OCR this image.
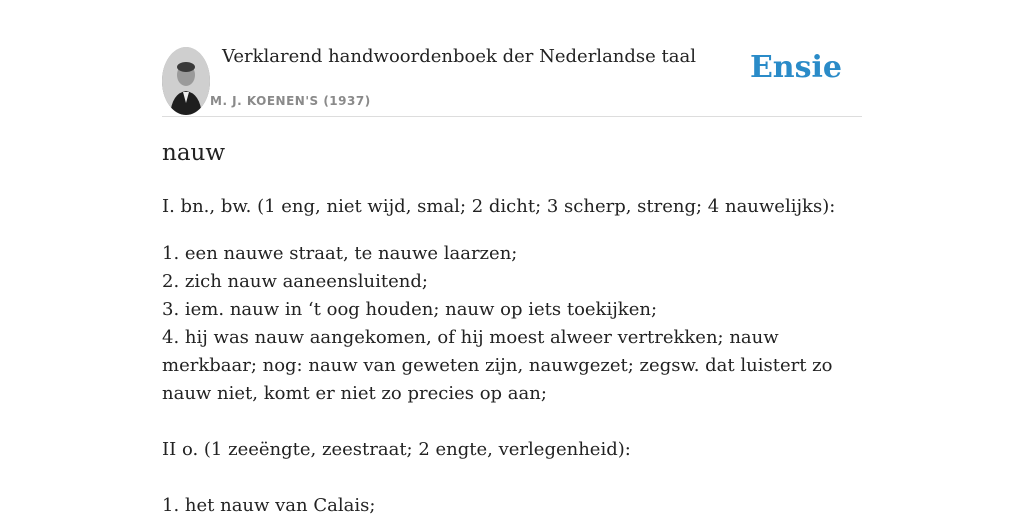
Verklarend handwoordenboek der Nederlandse taal
M. J. KOENEN'S (1937)
Ensie
nauw

I. bn., bw. (1 eng, niet wijd, smal; 2 dicht; 3 scherp, streng; 4 nauwelijks):

1. een nauwe straat, te nauwe laarzen;

2. zich nauw aaneensluitend;

3. iem. nauw in ‘t oog houden; nauw op iets toekijken;

4. hij was nauw aangekomen, of hij moest alweer vertrekken; nauw merkbaar; nog: nauw van geweten zijn, nauwgezet; zegsw. dat luistert zo nauw niet, komt er niet zo precies op aan;

II o. (1 zeeëngte, zeestraat; 2 engte, verlegenheid):

1. het nauw van Calais;
